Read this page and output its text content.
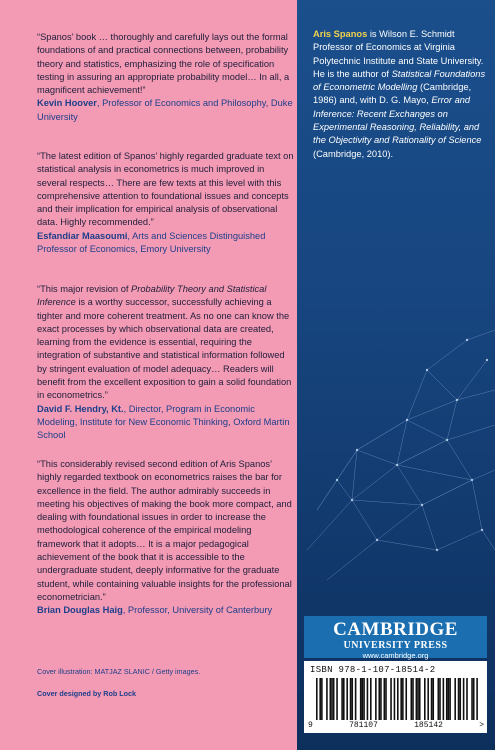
“Spanos’ book … thoroughly and carefully lays out the formal foundations of and practical connections between, probability theory and statistics, emphasizing the role of specification testing in assuring an appropriate probability model… In all, a magnificent achievement!”

Kevin Hoover, Professor of Economics and Philosophy, Duke University

“The latest edition of Spanos’ highly regarded graduate text on statistical analysis in econometrics is much improved in several respects… There are few texts at this level with this comprehensive attention to foundational issues and concepts and their implication for empirical analysis of observational data. Highly recommended.”

Esfandiar Maasoumi, Arts and Sciences Distinguished Professor of Economics, Emory University

“This major revision of Probability Theory and Statistical Inference is a worthy successor, successfully achieving a tighter and more coherent treatment. As no one can know the exact processes by which observational data are created, learning from the evidence is essential, requiring the integration of substantive and statistical information followed by stringent evaluation of model adequacy… Readers will benefit from the excellent exposition to gain a solid foundation in econometrics.”

David F. Hendry, Kt., Director, Program in Economic Modeling, Institute for New Economic Thinking, Oxford Martin School

“This considerably revised second edition of Aris Spanos’ highly regarded textbook on econometrics raises the bar for excellence in the field. The author admirably succeeds in meeting his objectives of making the book more compact, and dealing with foundational issues in order to increase the methodological coherence of the empirical modeling framework that it adopts… It is a major pedagogical achievement of the book that it is accessible to the undergraduate student, deeply informative for the graduate student, while containing valuable insights for the professional econometrician.”

Brian Douglas Haig, Professor, University of Canterbury

Cover illustration: MATJAZ SLANIC / Getty images.
Cover designed by Rob Lock
Aris Spanos is Wilson E. Schmidt Professor of Economics at Virginia Polytechnic Institute and State University. He is the author of Statistical Foundations of Econometric Modelling (Cambridge, 1986) and, with D. G. Mayo, Error and Inference: Recent Exchanges on Experimental Reasoning, Reliability, and the Objectivity and Rationality of Science (Cambridge, 2010).
CAMBRIDGE
UNIVERSITY PRESS
www.cambridge.org
ISBN 978-1-107-18514-2
9	781107	185142	>
